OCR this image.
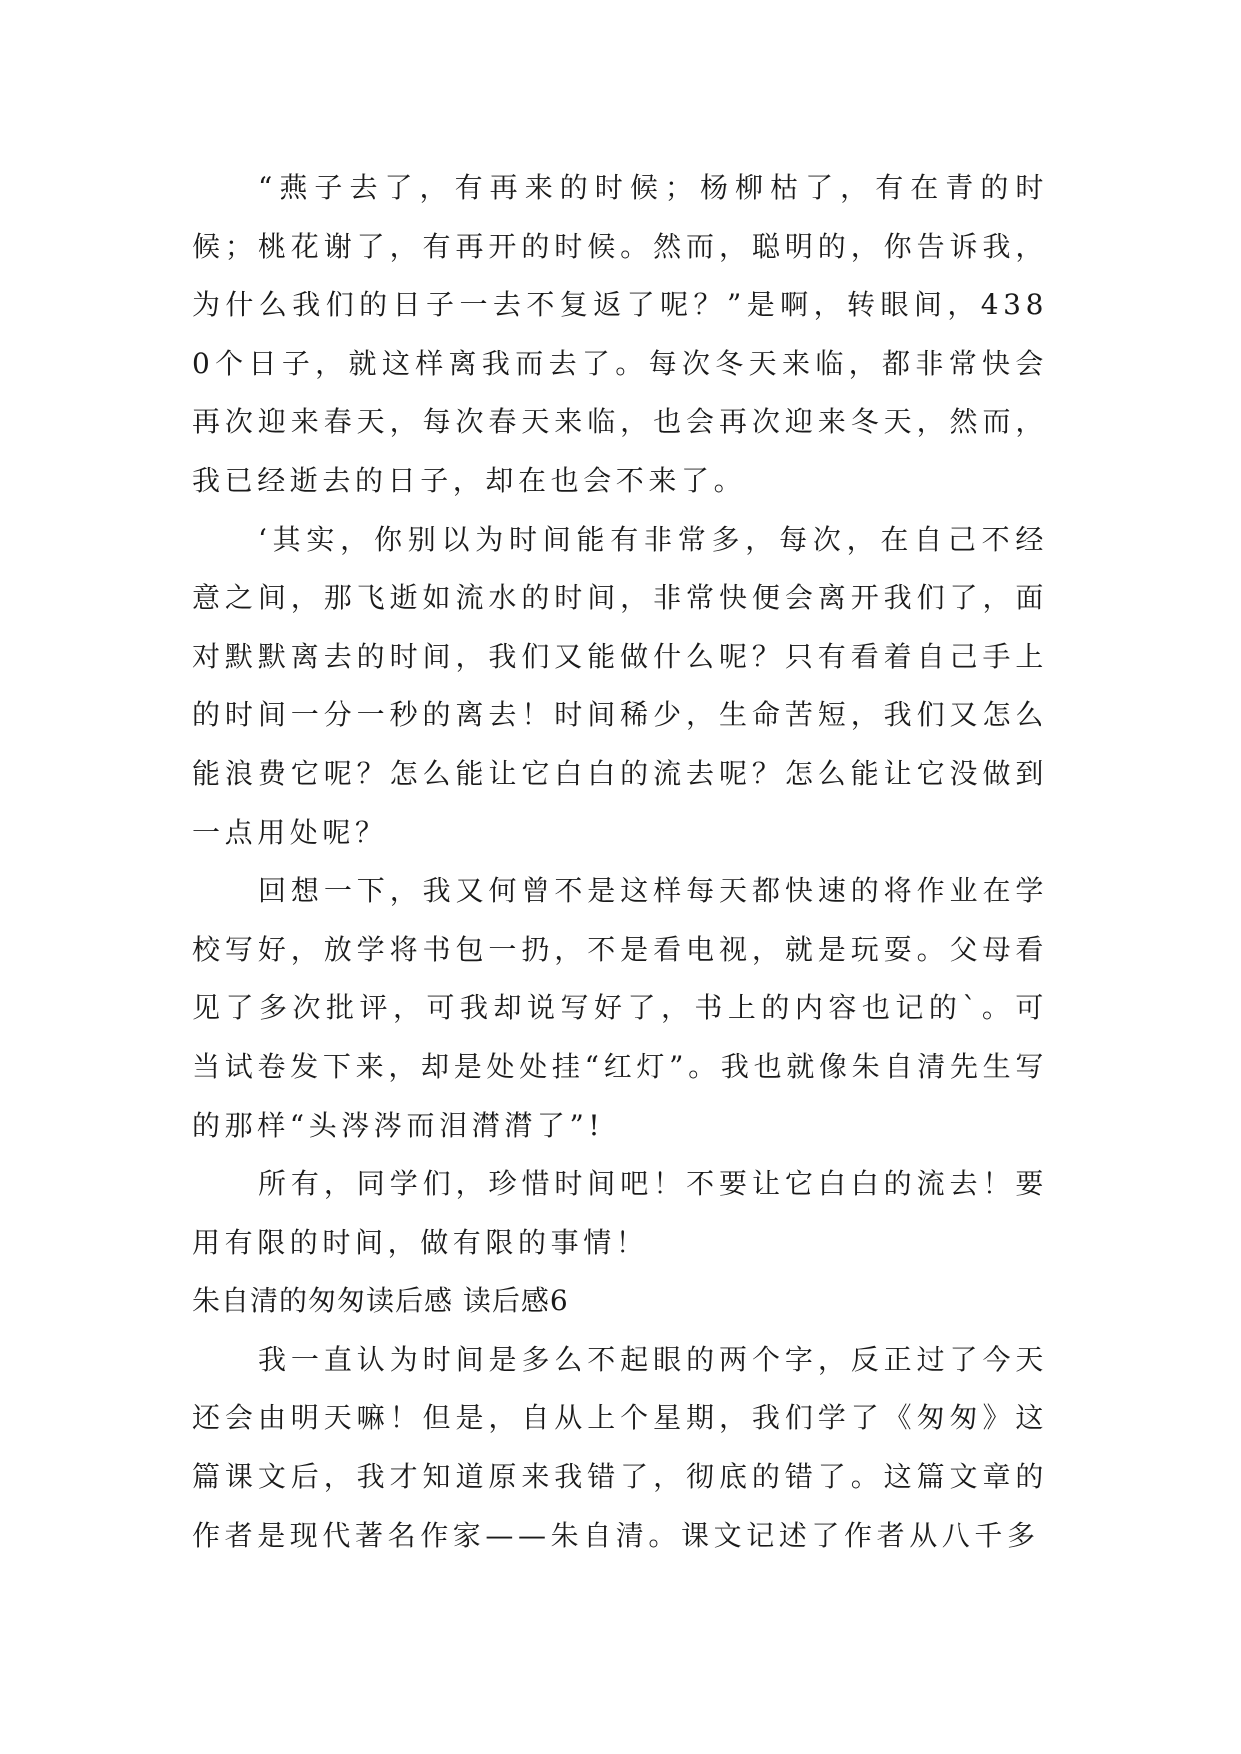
“燕子去了，有再来的时候；杨柳枯了，有在青的时候；桃花谢了，有再开的时候。然而，聪明的，你告诉我，为什么我们的日子一去不复返了呢？”是啊，转眼间，4380个日子，就这样离我而去了。每次冬天来临，都非常快会再次迎来春天，每次春天来临，也会再次迎来冬天，然而，我已经逝去的日子，却在也会不来了。

‘其实，你别以为时间能有非常多，每次，在自己不经意之间，那飞逝如流水的时间，非常快便会离开我们了，面对默默离去的时间，我们又能做什么呢？只有看着自己手上的时间一分一秒的离去！时间稀少，生命苦短，我们又怎么能浪费它呢？怎么能让它白白的流去呢？怎么能让它没做到一点用处呢？

回想一下，我又何曾不是这样每天都快速的将作业在学校写好，放学将书包一扔，不是看电视，就是玩耍。父母看见了多次批评，可我却说写好了，书上的内容也记的`。可当试卷发下来，却是处处挂“红灯”。我也就像朱自清先生写的那样“头涔涔而泪潸潸了”!

所有，同学们，珍惜时间吧！不要让它白白的流去！要用有限的时间，做有限的事情！

朱自清的匆匆读后感 读后感6

我一直认为时间是多么不起眼的两个字，反正过了今天还会由明天嘛！但是，自从上个星期，我们学了《匆匆》这篇课文后，我才知道原来我错了，彻底的错了。这篇文章的作者是现代著名作家——朱自清。课文记述了作者从八千多
